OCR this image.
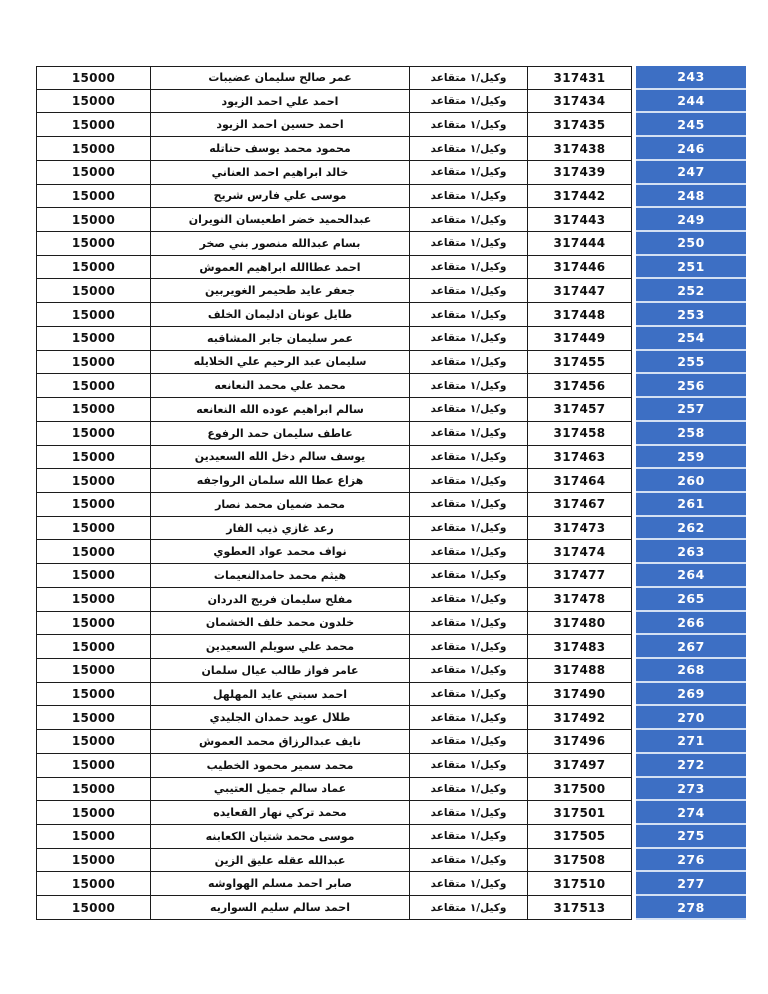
15000	عمر صالح سليمان عضيبات	وكيل/١ متقاعد	317431	243
15000	احمد علي احمد الزيود	وكيل/١ متقاعد	317434	244
15000	احمد حسين احمد الزيود	وكيل/١ متقاعد	317435	245
15000	محمود محمد يوسف حناتله	وكيل/١ متقاعد	317438	246
15000	خالد ابراهيم احمد العناني	وكيل/١ متقاعد	317439	247
15000	موسى علي فارس شريح	وكيل/١ متقاعد	317442	248
15000	عبدالحميد خضر اطعيسان النويران	وكيل/١ متقاعد	317443	249
15000	بسام عبدالله منصور بني صخر	وكيل/١ متقاعد	317444	250
15000	احمد عطاالله ابراهيم العموش	وكيل/١ متقاعد	317446	251
15000	جعفر عايد طحيمر الغويربين	وكيل/١ متقاعد	317447	252
15000	طايل عونان ادليمان الخلف	وكيل/١ متقاعد	317448	253
15000	عمر سليمان جابر المشاقبه	وكيل/١ متقاعد	317449	254
15000	سليمان عبد الرحيم علي الخلايله	وكيل/١ متقاعد	317455	255
15000	محمد علي محمد النعانعه	وكيل/١ متقاعد	317456	256
15000	سالم ابراهيم عوده الله النعانعه	وكيل/١ متقاعد	317457	257
15000	عاطف سليمان حمد الرفوع	وكيل/١ متقاعد	317458	258
15000	يوسف سالم دخل الله السعيدين	وكيل/١ متقاعد	317463	259
15000	هزاع عطا الله سلمان الرواجفه	وكيل/١ متقاعد	317464	260
15000	محمد ضميان محمد نصار	وكيل/١ متقاعد	317467	261
15000	رعد غازي ذيب الفار	وكيل/١ متقاعد	317473	262
15000	نواف محمد عواد العطوي	وكيل/١ متقاعد	317474	263
15000	هيثم محمد حامدالنعيمات	وكيل/١ متقاعد	317477	264
15000	مفلح سليمان فريج الدردان	وكيل/١ متقاعد	317478	265
15000	خلدون محمد خلف الخشمان	وكيل/١ متقاعد	317480	266
15000	محمد علي سويلم السعيدين	وكيل/١ متقاعد	317483	267
15000	عامر فواز طالب عيال سلمان	وكيل/١ متقاعد	317488	268
15000	احمد سبتي عايد المهلهل	وكيل/١ متقاعد	317490	269
15000	طلال عويد حمدان الجليدي	وكيل/١ متقاعد	317492	270
15000	نايف عبدالرزاق محمد العموش	وكيل/١ متقاعد	317496	271
15000	محمد سمير محمود الخطيب	وكيل/١ متقاعد	317497	272
15000	عماد سالم جميل العتيبي	وكيل/١ متقاعد	317500	273
15000	محمد تركي نهار القعايده	وكيل/١ متقاعد	317501	274
15000	موسى محمد شتيان الكعابنه	وكيل/١ متقاعد	317505	275
15000	عبدالله عقله عليق الزين	وكيل/١ متقاعد	317508	276
15000	صابر احمد مسلم الهواوشه	وكيل/١ متقاعد	317510	277
15000	احمد سالم سليم السواريه	وكيل/١ متقاعد	317513	278
